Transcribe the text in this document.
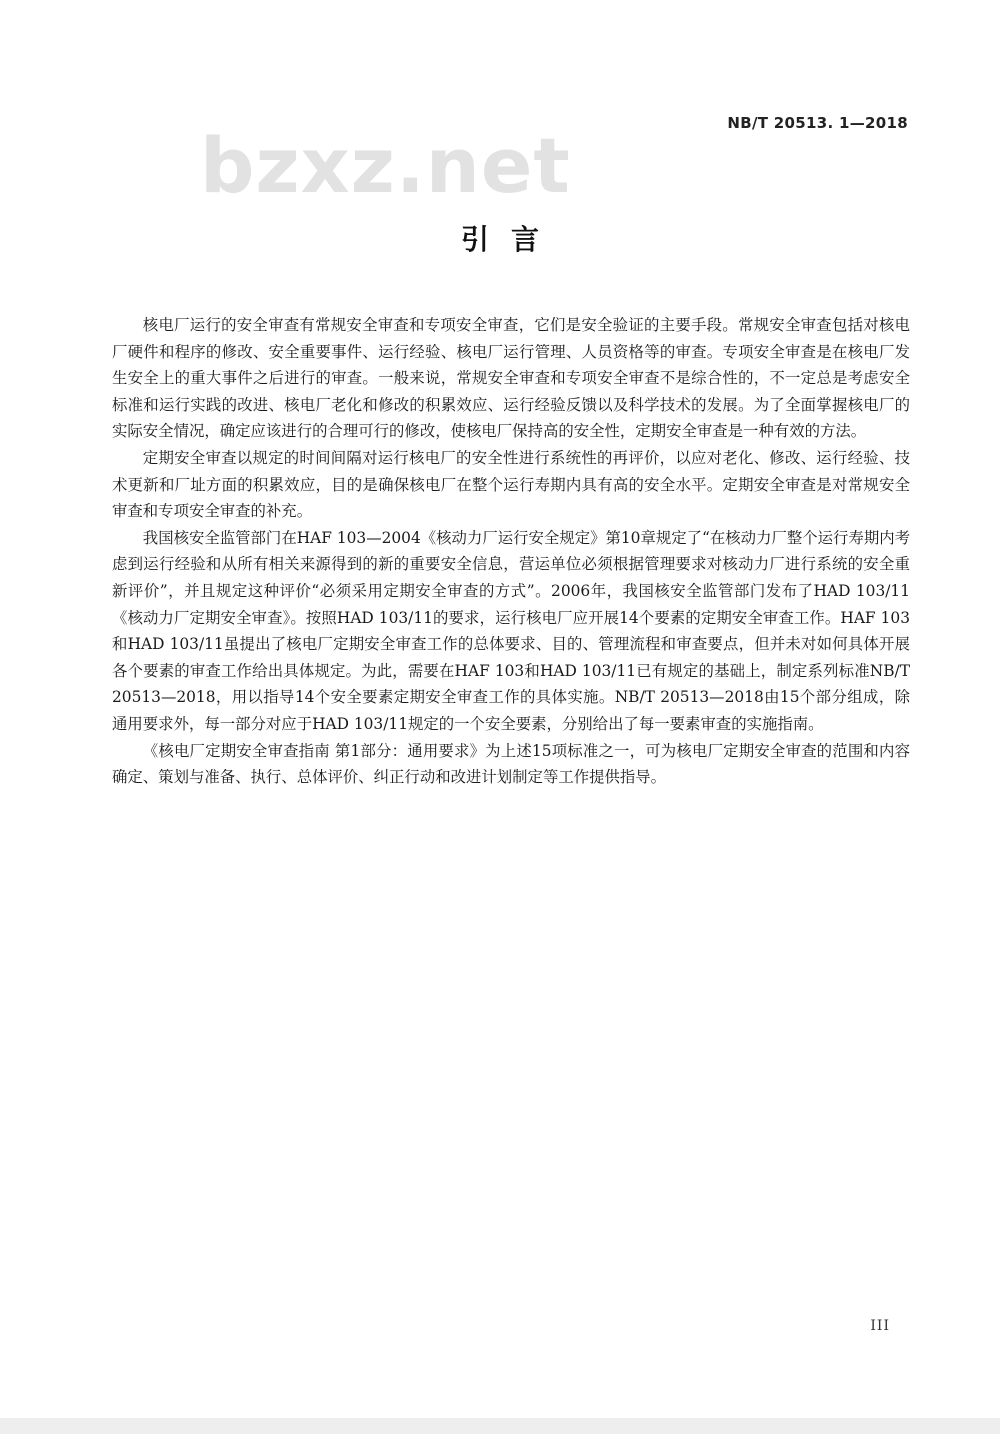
NB/T 20513. 1—2018
bzxz.net
引言

核电厂运行的安全审查有常规安全审查和专项安全审查，它们是安全验证的主要手段。常规安全审查包括对核电厂硬件和程序的修改、安全重要事件、运行经验、核电厂运行管理、人员资格等的审查。专项安全审查是在核电厂发生安全上的重大事件之后进行的审查。一般来说，常规安全审查和专项安全审查不是综合性的，不一定总是考虑安全标准和运行实践的改进、核电厂老化和修改的积累效应、运行经验反馈以及科学技术的发展。为了全面掌握核电厂的实际安全情况，确定应该进行的合理可行的修改，使核电厂保持高的安全性，定期安全审查是一种有效的方法。

定期安全审查以规定的时间间隔对运行核电厂的安全性进行系统性的再评价，以应对老化、修改、运行经验、技术更新和厂址方面的积累效应，目的是确保核电厂在整个运行寿期内具有高的安全水平。定期安全审查是对常规安全审查和专项安全审查的补充。

我国核安全监管部门在HAF 103—2004《核动力厂运行安全规定》第10章规定了“在核动力厂整个运行寿期内考虑到运行经验和从所有相关来源得到的新的重要安全信息，营运单位必须根据管理要求对核动力厂进行系统的安全重新评价”，并且规定这种评价“必须采用定期安全审查的方式”。2006年，我国核安全监管部门发布了HAD 103/11《核动力厂定期安全审查》。按照HAD 103/11的要求，运行核电厂应开展14个要素的定期安全审查工作。HAF 103和HAD 103/11虽提出了核电厂定期安全审查工作的总体要求、目的、管理流程和审查要点，但并未对如何具体开展各个要素的审查工作给出具体规定。为此，需要在HAF 103和HAD 103/11已有规定的基础上，制定系列标准NB/T 20513—2018，用以指导14个安全要素定期安全审查工作的具体实施。NB/T 20513—2018由15个部分组成，除通用要求外，每一部分对应于HAD 103/11规定的一个安全要素，分别给出了每一要素审查的实施指南。

《核电厂定期安全审查指南 第1部分：通用要求》为上述15项标准之一，可为核电厂定期安全审查的范围和内容确定、策划与准备、执行、总体评价、纠正行动和改进计划制定等工作提供指导。

III
